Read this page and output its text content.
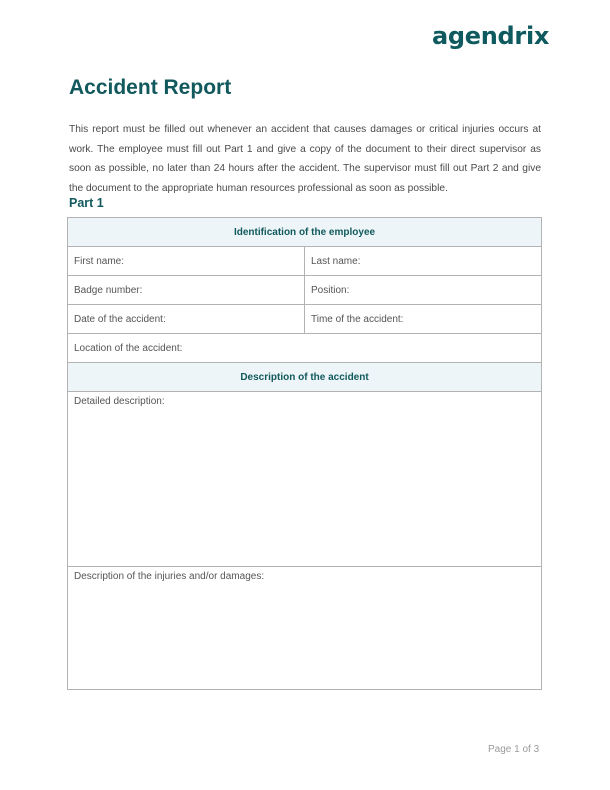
agendrix
Accident Report

This report must be filled out whenever an accident that causes damages or critical injuries occurs at work. The employee must fill out Part 1 and give a copy of the document to their direct supervisor as soon as possible, no later than 24 hours after the accident. The supervisor must fill out Part 2 and give the document to the appropriate human resources professional as soon as possible.

Part 1
Identification of the employee	
First name:	Last name:
Badge number:	Position:
Date of the accident:	Time of the accident:
Location of the accident:	
Description of the accident	
Detailed description:	
Description of the injuries and/or damages:	
Page 1 of 3
